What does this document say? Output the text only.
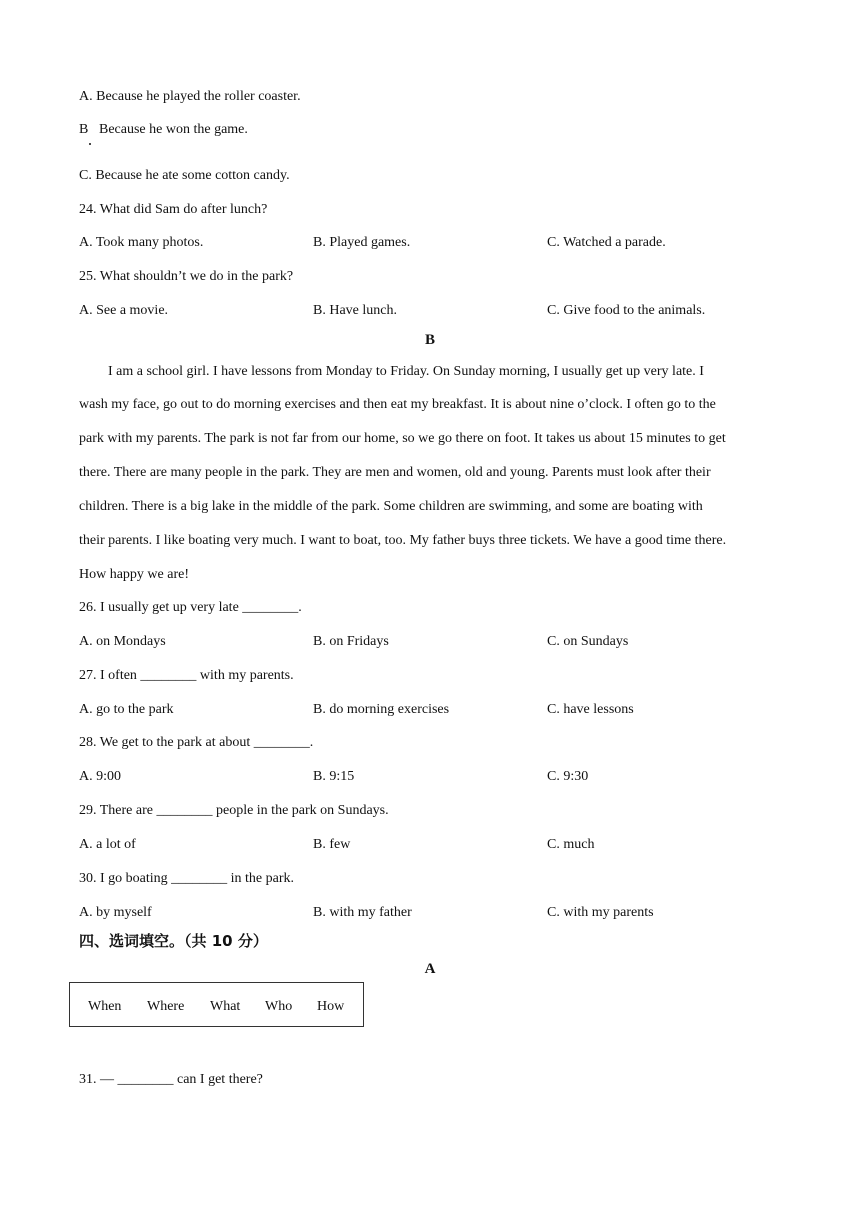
A. Because he played the roller coaster.
B Because he won the game.
C. Because he ate some cotton candy.
24. What did Sam do after lunch?
A. Took many photos.	B. Played games.	C. Watched a parade.
25. What shouldn’t we do in the park?
A. See a movie.	B. Have lunch.	C. Give food to the animals.
B
I am a school girl. I have lessons from Monday to Friday. On Sunday morning, I usually get up very late. I
wash my face, go out to do morning exercises and then eat my breakfast. It is about nine o’clock. I often go to the
park with my parents. The park is not far from our home, so we go there on foot. It takes us about 15 minutes to get
there. There are many people in the park. They are men and women, old and young. Parents must look after their
children. There is a big lake in the middle of the park. Some children are swimming, and some are boating with
their parents. I like boating very much. I want to boat, too. My father buys three tickets. We have a good time there.
How happy we are!
26. I usually get up very late ________.
A. on Mondays	B. on Fridays	C. on Sundays
27. I often ________ with my parents.
A. go to the park	B. do morning exercises	C. have lessons
28. We get to the park at about ________.
A. 9:00	B. 9:15	C. 9:30
29. There are ________ people in the park on Sundays.
A. a lot of	B. few	C. much
30. I go boating ________ in the park.
A. by myself	B. with my father	C. with my parents
四、选词填空。（共 10 分）
A
When Where What Who How
31. — ________ can I get there?
